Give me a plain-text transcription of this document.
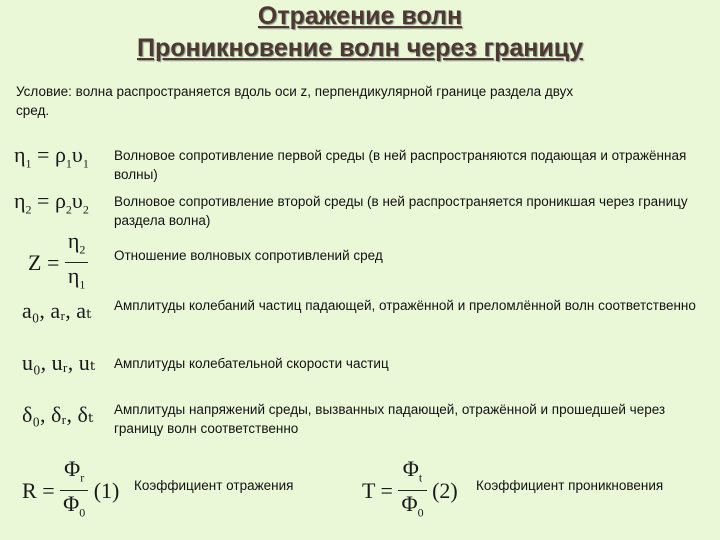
Отражение волн
Проникновение волн через границу
Условие: волна распространяется вдоль оси z, перпендикулярной границе раздела двух сред.
$\eta_1 = \rho_1\upsilon_1$
Волновое сопротивление первой среды (в ней распространяются подающая и отражённая волны)
$\eta_2 = \rho_2\upsilon_2$
Волновое сопротивление второй среды (в ней распространяется проникшая через границу раздела волна)
$Z = \frac{\eta_2}{\eta_1}$ Отношение волновых сопротивлений сред
a₀, aᵣ, aₜ Амплитуды колебаний частиц падающей, отражённой и преломлённой волн соответственно
u₀, uᵣ, uₜ Амплитуды колебательной скорости частиц
δ₀, δᵣ, δₜ Амплитуды напряжений среды, вызванных падающей, отражённой и прошедшей через границу волн соответственно
$R = \frac{\Phi_r}{\Phi_0} (1)$ Коэффициент отражения	$T = \frac{\Phi_t}{\Phi_0} (2)$ Коэффициент проникновения
